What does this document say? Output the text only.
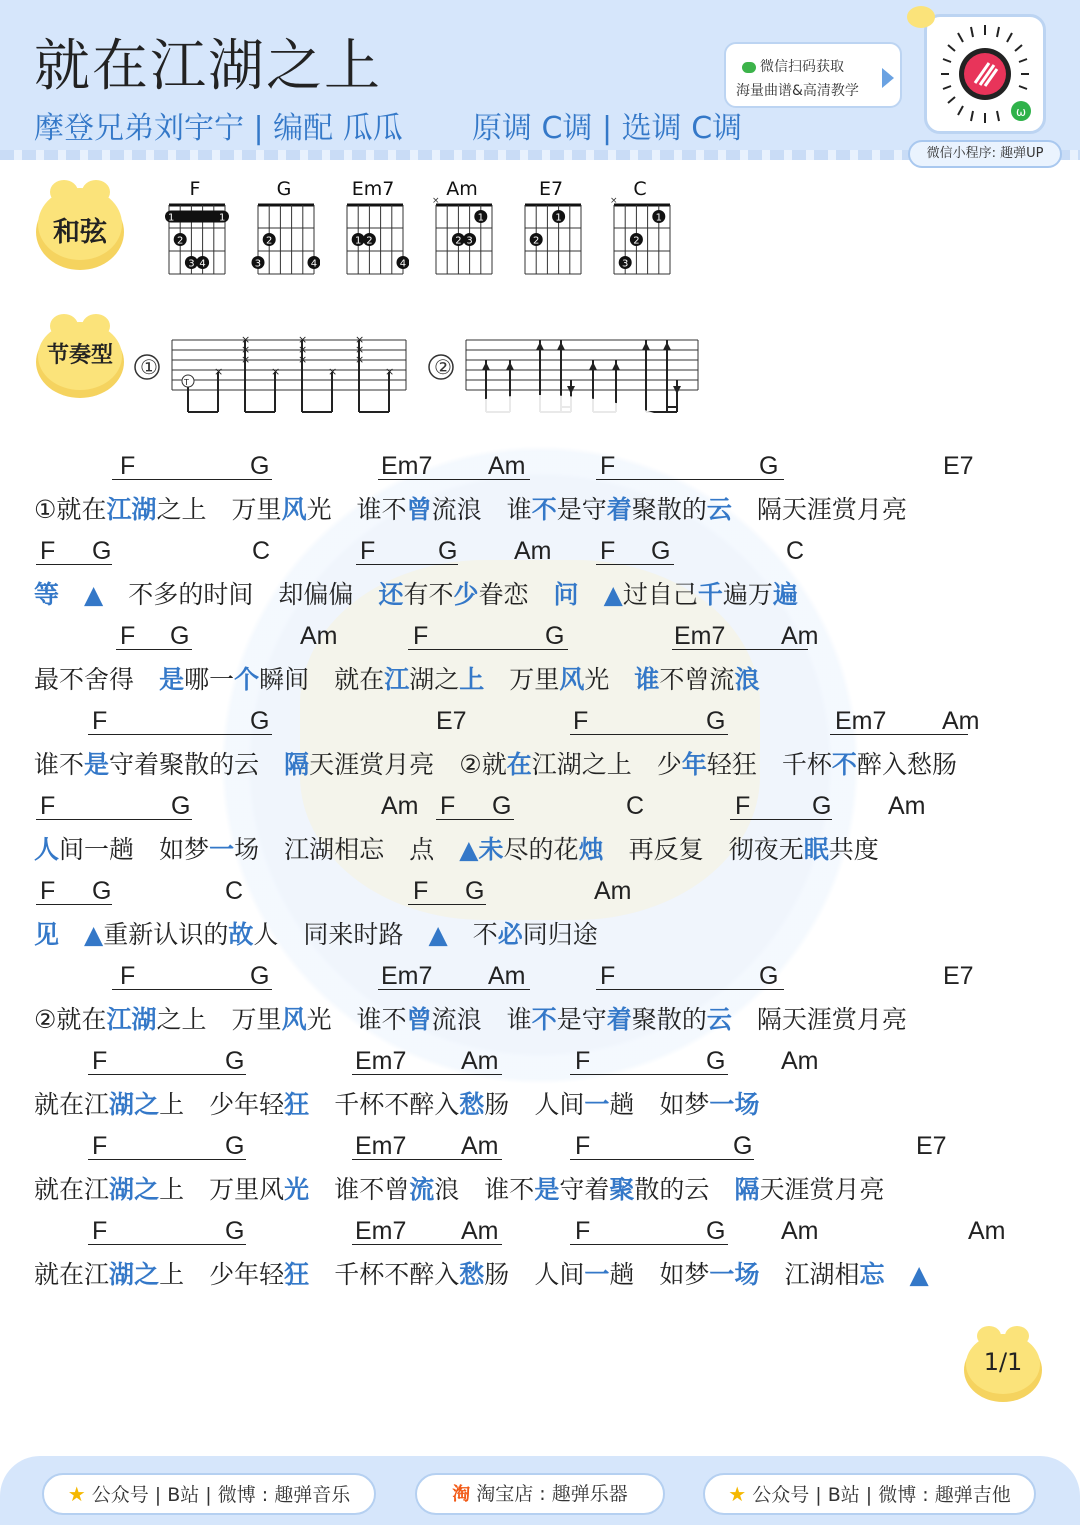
就在江湖之上
摩登兄弟刘宇宁 | 编配 瓜瓜 原调 C调 | 选调 C调
微信扫码获取
海量曲谱&高清教学
ω
微信小程序: 趣弹UP
和弦
F
1	1
2
3 4
G
2
3	4
Em7
1 2
4
Am
×
1
2 3
E7
1
2
C
×
1
2
3
节奏型
T
×	×	×	×
×
×
×
×
×
×
×
×
×
①	②
F	G	Em7 Am	F	G	E7
①就在江湖之上　 万里风光　 谁不曾流浪　 谁不是守着聚散的云　 隔天涯赏月亮
F G	C	F	G Am F G	C
等　 ▲　 不多的时间　 却偏偏　 还有不少眷恋　 问　 ▲过自己千遍万遍
F G	Am	F	G	Em7 Am
最不舍得　 是哪一个瞬间　 就在江湖之上　 万里风光　 谁不曾流浪
F	G	E7	F	G	Em7 Am
谁不是守着聚散的云　 隔天涯赏月亮　 ②就在江湖之上　 少年轻狂　 千杯不醉入愁肠
F	G	Am F G	C	F G Am
人间一趟　 如梦一场　 江湖相忘　 点　 ▲未尽的花烛　 再反复　 彻夜无眠共度
F G	C	F G	Am
见　 ▲重新认识的故人　 同来时路　 ▲　 不必同归途
F	G	Em7 Am	F	G	E7
②就在江湖之上　 万里风光　 谁不曾流浪　 谁不是守着聚散的云　 隔天涯赏月亮
F	G	Em7 Am	F	G Am
就在江湖之上　 少年轻狂　 千杯不醉入愁肠　 人间一趟　 如梦一场
F	G	Em7 Am	F	G	E7
就在江湖之上　 万里风光　 谁不曾流浪　 谁不是守着聚散的云　 隔天涯赏月亮
F	G	Em7 Am	F	G Am	Am
就在江湖之上　 少年轻狂　 千杯不醉入愁肠　 人间一趟　 如梦一场　 江湖相忘　 ▲
1/1
★ 公众号 | B站 | 微博 : 趣弹音乐	淘 淘宝店 : 趣弹乐器	★ 公众号 | B站 | 微博 : 趣弹吉他
